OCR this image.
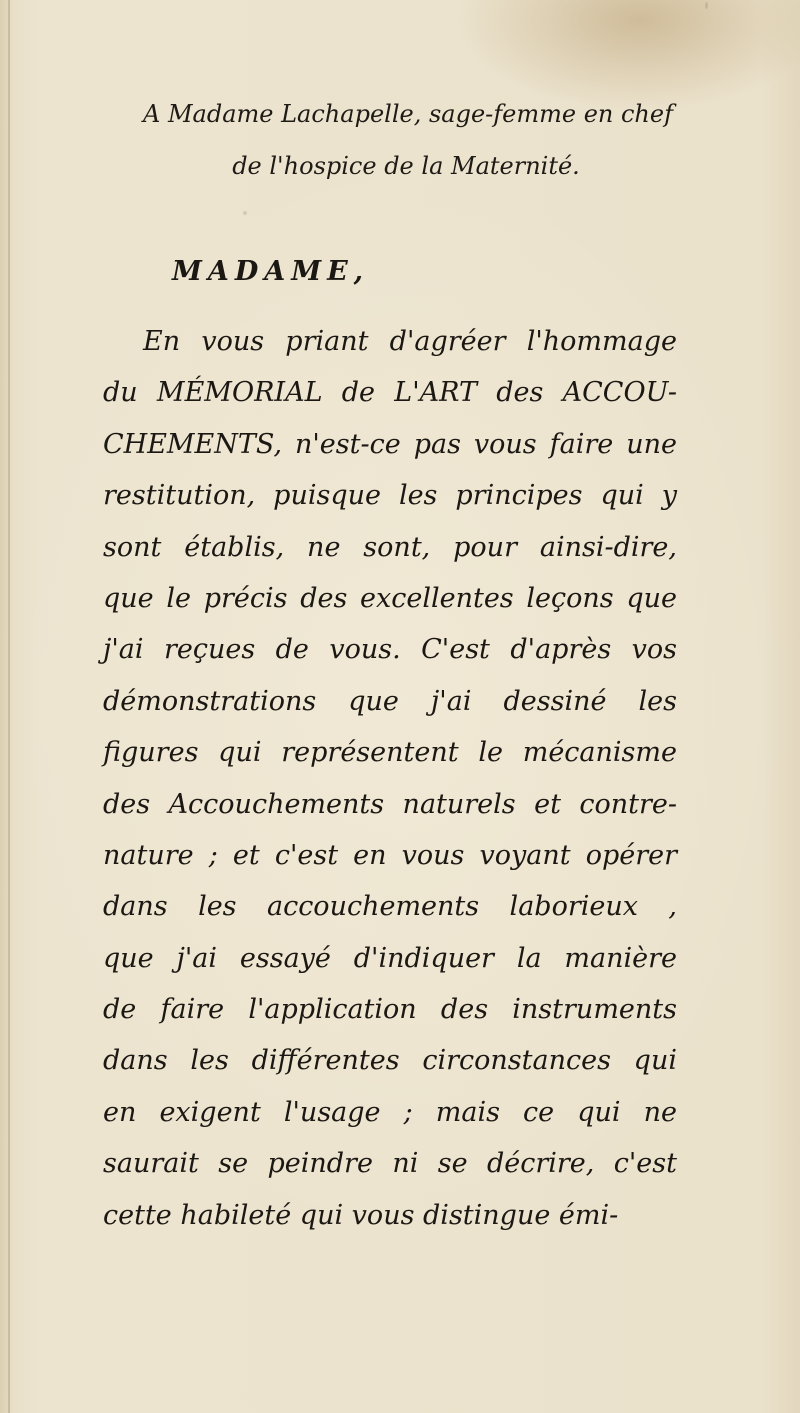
A Madame Lachapelle, sage-femme en chef
de l'hospice de la Maternité.
MADAME,
En vous priant d'agréer l'hommage
du MÉMORIAL de L'ART des ACCOU-
CHEMENTS, n'est-ce pas vous faire une
restitution, puisque les principes qui y
sont établis, ne sont, pour ainsi-dire,
que le précis des excellentes leçons que
j'ai reçues de vous. C'est d'après vos
démonstrations que j'ai dessiné les
figures qui représentent le mécanisme
des Accouchements naturels et contre-
nature ; et c'est en vous voyant opérer
dans les accouchements laborieux ,
que j'ai essayé d'indiquer la manière
de faire l'application des instruments
dans les différentes circonstances qui
en exigent l'usage ; mais ce qui ne
saurait se peindre ni se décrire, c'est
cette habileté qui vous distingue émi-
